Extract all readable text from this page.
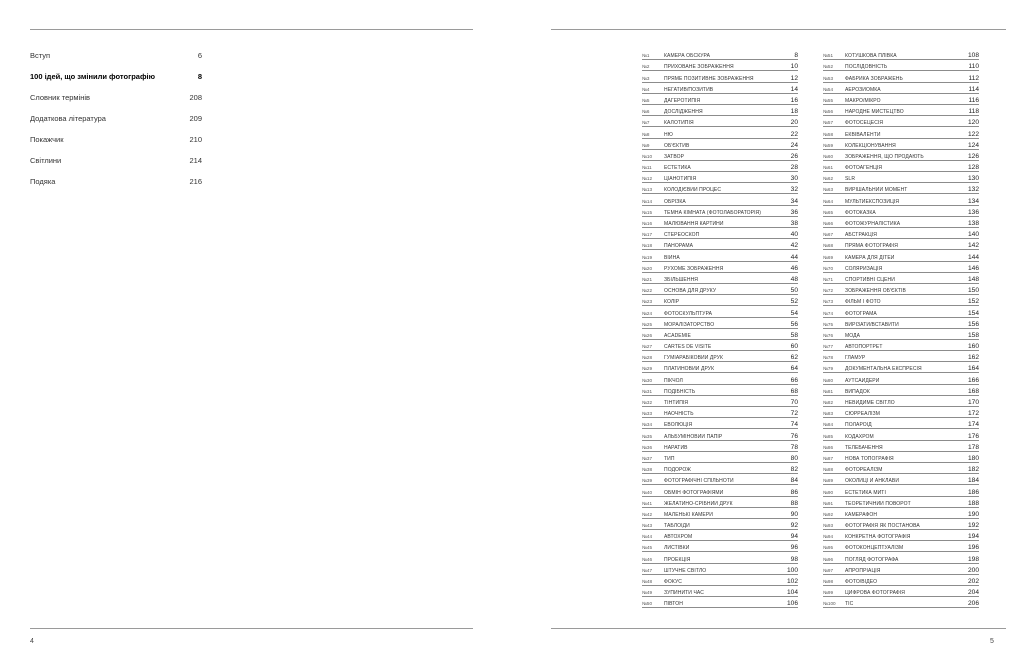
Вступ	6
100 ідей, що змінили фотографію	8
Словник термінів	208
Додаткова література	209
Покажчик	210
Світлини	214
Подяка	216
4
№1	КАМЕРА ОБСКУРА	8
№2	ПРИХОВАНЕ ЗОБРАЖЕННЯ	10
№3	ПРЯМЕ ПОЗИТИВНЕ ЗОБРАЖЕННЯ	12
№4	НЕГАТИВ/ПОЗИТИВ	14
№5	ДАГЕРОТИПІЯ	16
№6	ДОСЛІДЖЕННЯ	18
№7	КАЛОТИПІЯ	20
№8	НЮ	22
№9	ОБ'ЄКТИВ	24
№10	ЗАТВОР	26
№11	ЕСТЕТИКА	28
№12	ЦІАНОТИПІЯ	30
№13	КОЛОДІЄВИЙ ПРОЦЕС	32
№14	ОБРІЗКА	34
№15	ТЕМНА КІМНАТА (ФОТОЛАБОРАТОРІЯ)	36
№16	МАЛЮВАННЯ КАРТИНИ	38
№17	СТЕРЕОСКОП	40
№18	ПАНОРАМА	42
№19	ВІЙНА	44
№20	РУХОМЕ ЗОБРАЖЕННЯ	46
№21	ЗБІЛЬШЕННЯ	48
№22	ОСНОВА ДЛЯ ДРУКУ	50
№23	КОЛІР	52
№24	ФОТОСКУЛЬПТУРА	54
№25	МОРАЛІЗАТОРСТВО	56
№26	ACADÉMIE	58
№27	CARTES DE VISITE	60
№28	ГУМІАРАБІКОВИЙ ДРУК	62
№29	ПЛАТИНОВИЙ ДРУК	64
№30	ПІКЧОЛ	66
№31	ПОДІБНІСТЬ	68
№32	ТІНТИПІЯ	70
№33	НАОЧНІСТЬ	72
№34	ЕВОЛЮЦІЯ	74
№35	АЛЬБУМІНОВИЙ ПАПІР	76
№36	НАРАТИВ	78
№37	ТИП	80
№38	ПОДОРОЖ	82
№39	ФОТОГРАФІЧНІ СПІЛЬНОТИ	84
№40	ОБМІН ФОТОГРАФІЯМИ	86
№41	ЖЕЛАТИНО-СРІБНИЙ ДРУК	88
№42	МАЛЕНЬКІ КАМЕРИ	90
№43	ТАБЛОЇДИ	92
№44	АВТОХРОМ	94
№45	ЛИСТІВКИ	96
№46	ПРОЕКЦІЯ	98
№47	ШТУЧНЕ СВІТЛО	100
№48	ФОКУС	102
№49	ЗУПИНИТИ ЧАС	104
№50	ПІВТОН	106
№51	КОТУШКОВА ПЛІВКА	108
№52	ПОСЛІДОВНІСТЬ	110
№53	ФАБРИКА ЗОБРАЖЕНЬ	112
№54	АЕРОЗЙОМКА	114
№55	МАКРО/МІКРО	116
№56	НАРОДНЕ МИСТЕЦТВО	118
№57	ФОТОСЕЦЕСІЯ	120
№58	ЕКВІВАЛЕНТИ	122
№59	КОЛЕКЦІОНУВАННЯ	124
№60	ЗОБРАЖЕННЯ, ЩО ПРОДАЮТЬ	126
№61	ФОТОАГЕНЦІЯ	128
№62	SLR	130
№63	ВИРІШАЛЬНИЙ МОМЕНТ	132
№64	МУЛЬТИЕКСПОЗИЦІЯ	134
№65	ФОТОКАЗКА	136
№66	ФОТОЖУРНАЛІСТИКА	138
№67	АБСТРАКЦІЯ	140
№68	ПРЯМА ФОТОГРАФІЯ	142
№69	КАМЕРА ДЛЯ ДІТЕЙ	144
№70	СОЛЯРИЗАЦІЯ	146
№71	СПОРТИВНІ СЦЕНИ	148
№72	ЗОБРАЖЕННЯ ОБ'ЄКТІВ	150
№73	ФІЛЬМ І ФОТО	152
№74	ФОТОГРАМА	154
№75	ВИРІЗАТИ/ВСТАВИТИ	156
№76	МОДА	158
№77	АВТОПОРТРЕТ	160
№78	ГЛАМУР	162
№79	ДОКУМЕНТАЛЬНА ЕКСПРЕСІЯ	164
№80	АУТСАЙДЕРИ	166
№81	ВИПАДОК	168
№82	НЕВИДИМЕ СВІТЛО	170
№83	СЮРРЕАЛІЗМ	172
№84	ПОЛАРОЇД	174
№85	КОДАХРОМ	176
№86	ТЕЛЕБАЧЕННЯ	178
№87	НОВА ТОПОГРАФІЯ	180
№88	ФОТОРЕАЛІЗМ	182
№89	ОКОЛИЦІ Й АНКЛАВИ	184
№90	ЕСТЕТИКА МИТІ	186
№91	ТЕОРЕТИЧНИЙ ПОВОРОТ	188
№92	КАМЕРАФОН	190
№93	ФОТОГРАФІЯ ЯК ПОСТАНОВА	192
№94	КОНКРЕТНА ФОТОГРАФІЯ	194
№95	ФОТОКОНЦЕПТУАЛІЗМ	196
№96	ПОГЛЯД ФОТОГРАФА	198
№97	АПРОПРІАЦІЯ	200
№98	ФОТО/ВІДЕО	202
№99	ЦИФРОВА ФОТОГРАФІЯ	204
№100	TIC	206
5
